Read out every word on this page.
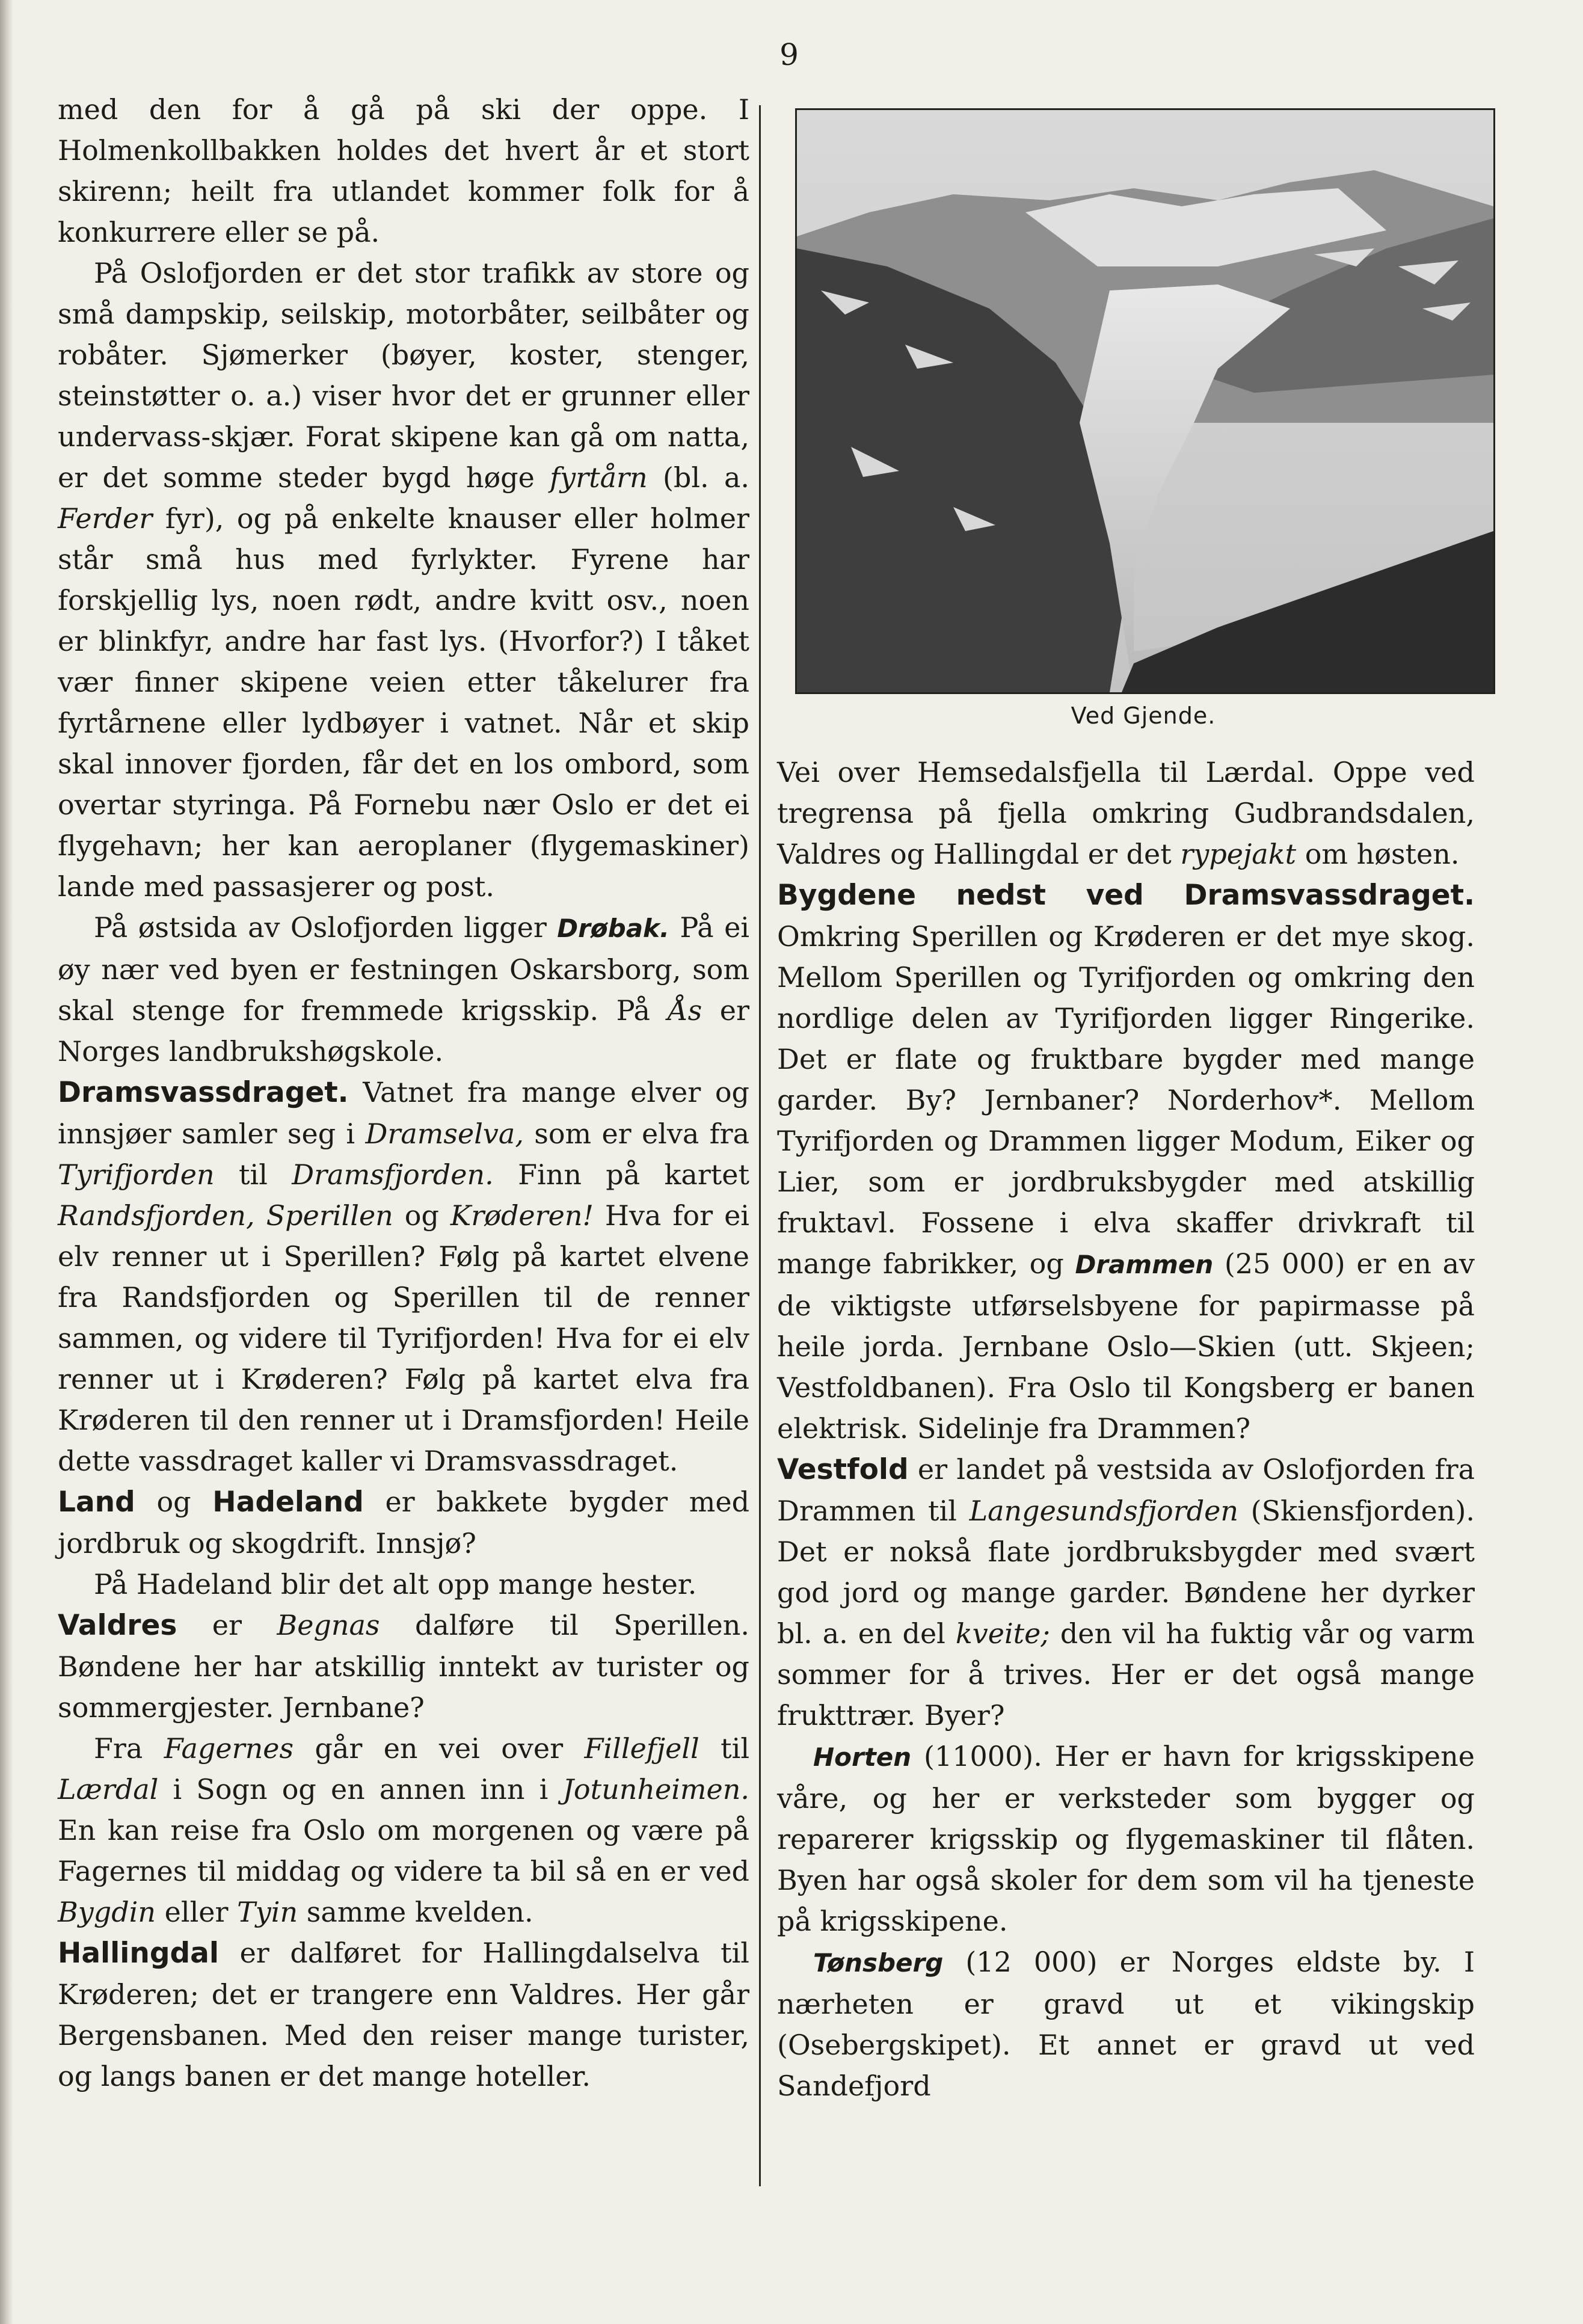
9

med den for å gå på ski der oppe. I Holmenkollbakken holdes det hvert år et stort skirenn; heilt fra utlandet kommer folk for å konkurrere eller se på.

På Oslofjorden er det stor trafikk av store og små dampskip, seilskip, motorbåter, seilbåter og robåter. Sjømerker (bøyer, koster, stenger, steinstøtter o. a.) viser hvor det er grunner eller undervass-skjær. Forat skipene kan gå om natta, er det somme steder bygd høge fyrtårn (bl. a. Ferder fyr), og på enkelte knauser eller holmer står små hus med fyrlykter. Fyrene har forskjellig lys, noen rødt, andre kvitt osv., noen er blinkfyr, andre har fast lys. (Hvorfor?) I tåket vær finner skipene veien etter tåkelurer fra fyrtårnene eller lydbøyer i vatnet. Når et skip skal innover fjorden, får det en los ombord, som overtar styringa. På Fornebu nær Oslo er det ei flygehavn; her kan aeroplaner (flygemaskiner) lande med passasjerer og post.

På østsida av Oslofjorden ligger Drøbak. På ei øy nær ved byen er festningen Oskarsborg, som skal stenge for fremmede krigsskip. På Ås er Norges landbrukshøgskole.

Dramsvassdraget. Vatnet fra mange elver og innsjøer samler seg i Dramselva, som er elva fra Tyrifjorden til Dramsfjorden. Finn på kartet Randsfjorden, Sperillen og Krøderen! Hva for ei elv renner ut i Sperillen? Følg på kartet elvene fra Randsfjorden og Sperillen til de renner sammen, og videre til Tyrifjorden! Hva for ei elv renner ut i Krøderen? Følg på kartet elva fra Krøderen til den renner ut i Dramsfjorden! Heile dette vassdraget kaller vi Dramsvassdraget.

Land og Hadeland er bakkete bygder med jordbruk og skogdrift. Innsjø?

På Hadeland blir det alt opp mange hester.

Valdres er Begnas dalføre til Sperillen. Bøndene her har atskillig inntekt av turister og sommergjester. Jernbane?

Fra Fagernes går en vei over Fillefjell til Lærdal i Sogn og en annen inn i Jotunheimen. En kan reise fra Oslo om morgenen og være på Fagernes til middag og videre ta bil så en er ved Bygdin eller Tyin samme kvelden.

Hallingdal er dalføret for Hallingdalselva til Krøderen; det er trangere enn Valdres. Her går Bergensbanen. Med den reiser mange turister, og langs banen er det mange hoteller.

Ved Gjende.

Vei over Hemsedalsfjella til Lærdal. Oppe ved tregrensa på fjella omkring Gudbrandsdalen, Valdres og Hallingdal er det rypejakt om høsten.

Bygdene nedst ved Dramsvassdraget. Omkring Sperillen og Krøderen er det mye skog. Mellom Sperillen og Tyrifjorden og omkring den nordlige delen av Tyrifjorden ligger Ringerike. Det er flate og fruktbare bygder med mange garder. By? Jernbaner? Norderhov*. Mellom Tyrifjorden og Drammen ligger Modum, Eiker og Lier, som er jordbruksbygder med atskillig fruktavl. Fossene i elva skaffer drivkraft til mange fabrikker, og Drammen (25 000) er en av de viktigste utførselsbyene for papirmasse på heile jorda. Jernbane Oslo—Skien (utt. Skjeen; Vestfoldbanen). Fra Oslo til Kongsberg er banen elektrisk. Sidelinje fra Drammen?

Vestfold er landet på vestsida av Oslofjorden fra Drammen til Langesundsfjorden (Skiensfjorden). Det er nokså flate jordbruksbygder med svært god jord og mange garder. Bøndene her dyrker bl. a. en del kveite; den vil ha fuktig vår og varm sommer for å trives. Her er det også mange frukttrær. Byer?

Horten (11000). Her er havn for krigsskipene våre, og her er verksteder som bygger og reparerer krigsskip og flygemaskiner til flåten. Byen har også skoler for dem som vil ha tjeneste på krigsskipene.

Tønsberg (12 000) er Norges eldste by. I nærheten er gravd ut et vikingskip (Osebergskipet). Et annet er gravd ut ved Sandefjord
